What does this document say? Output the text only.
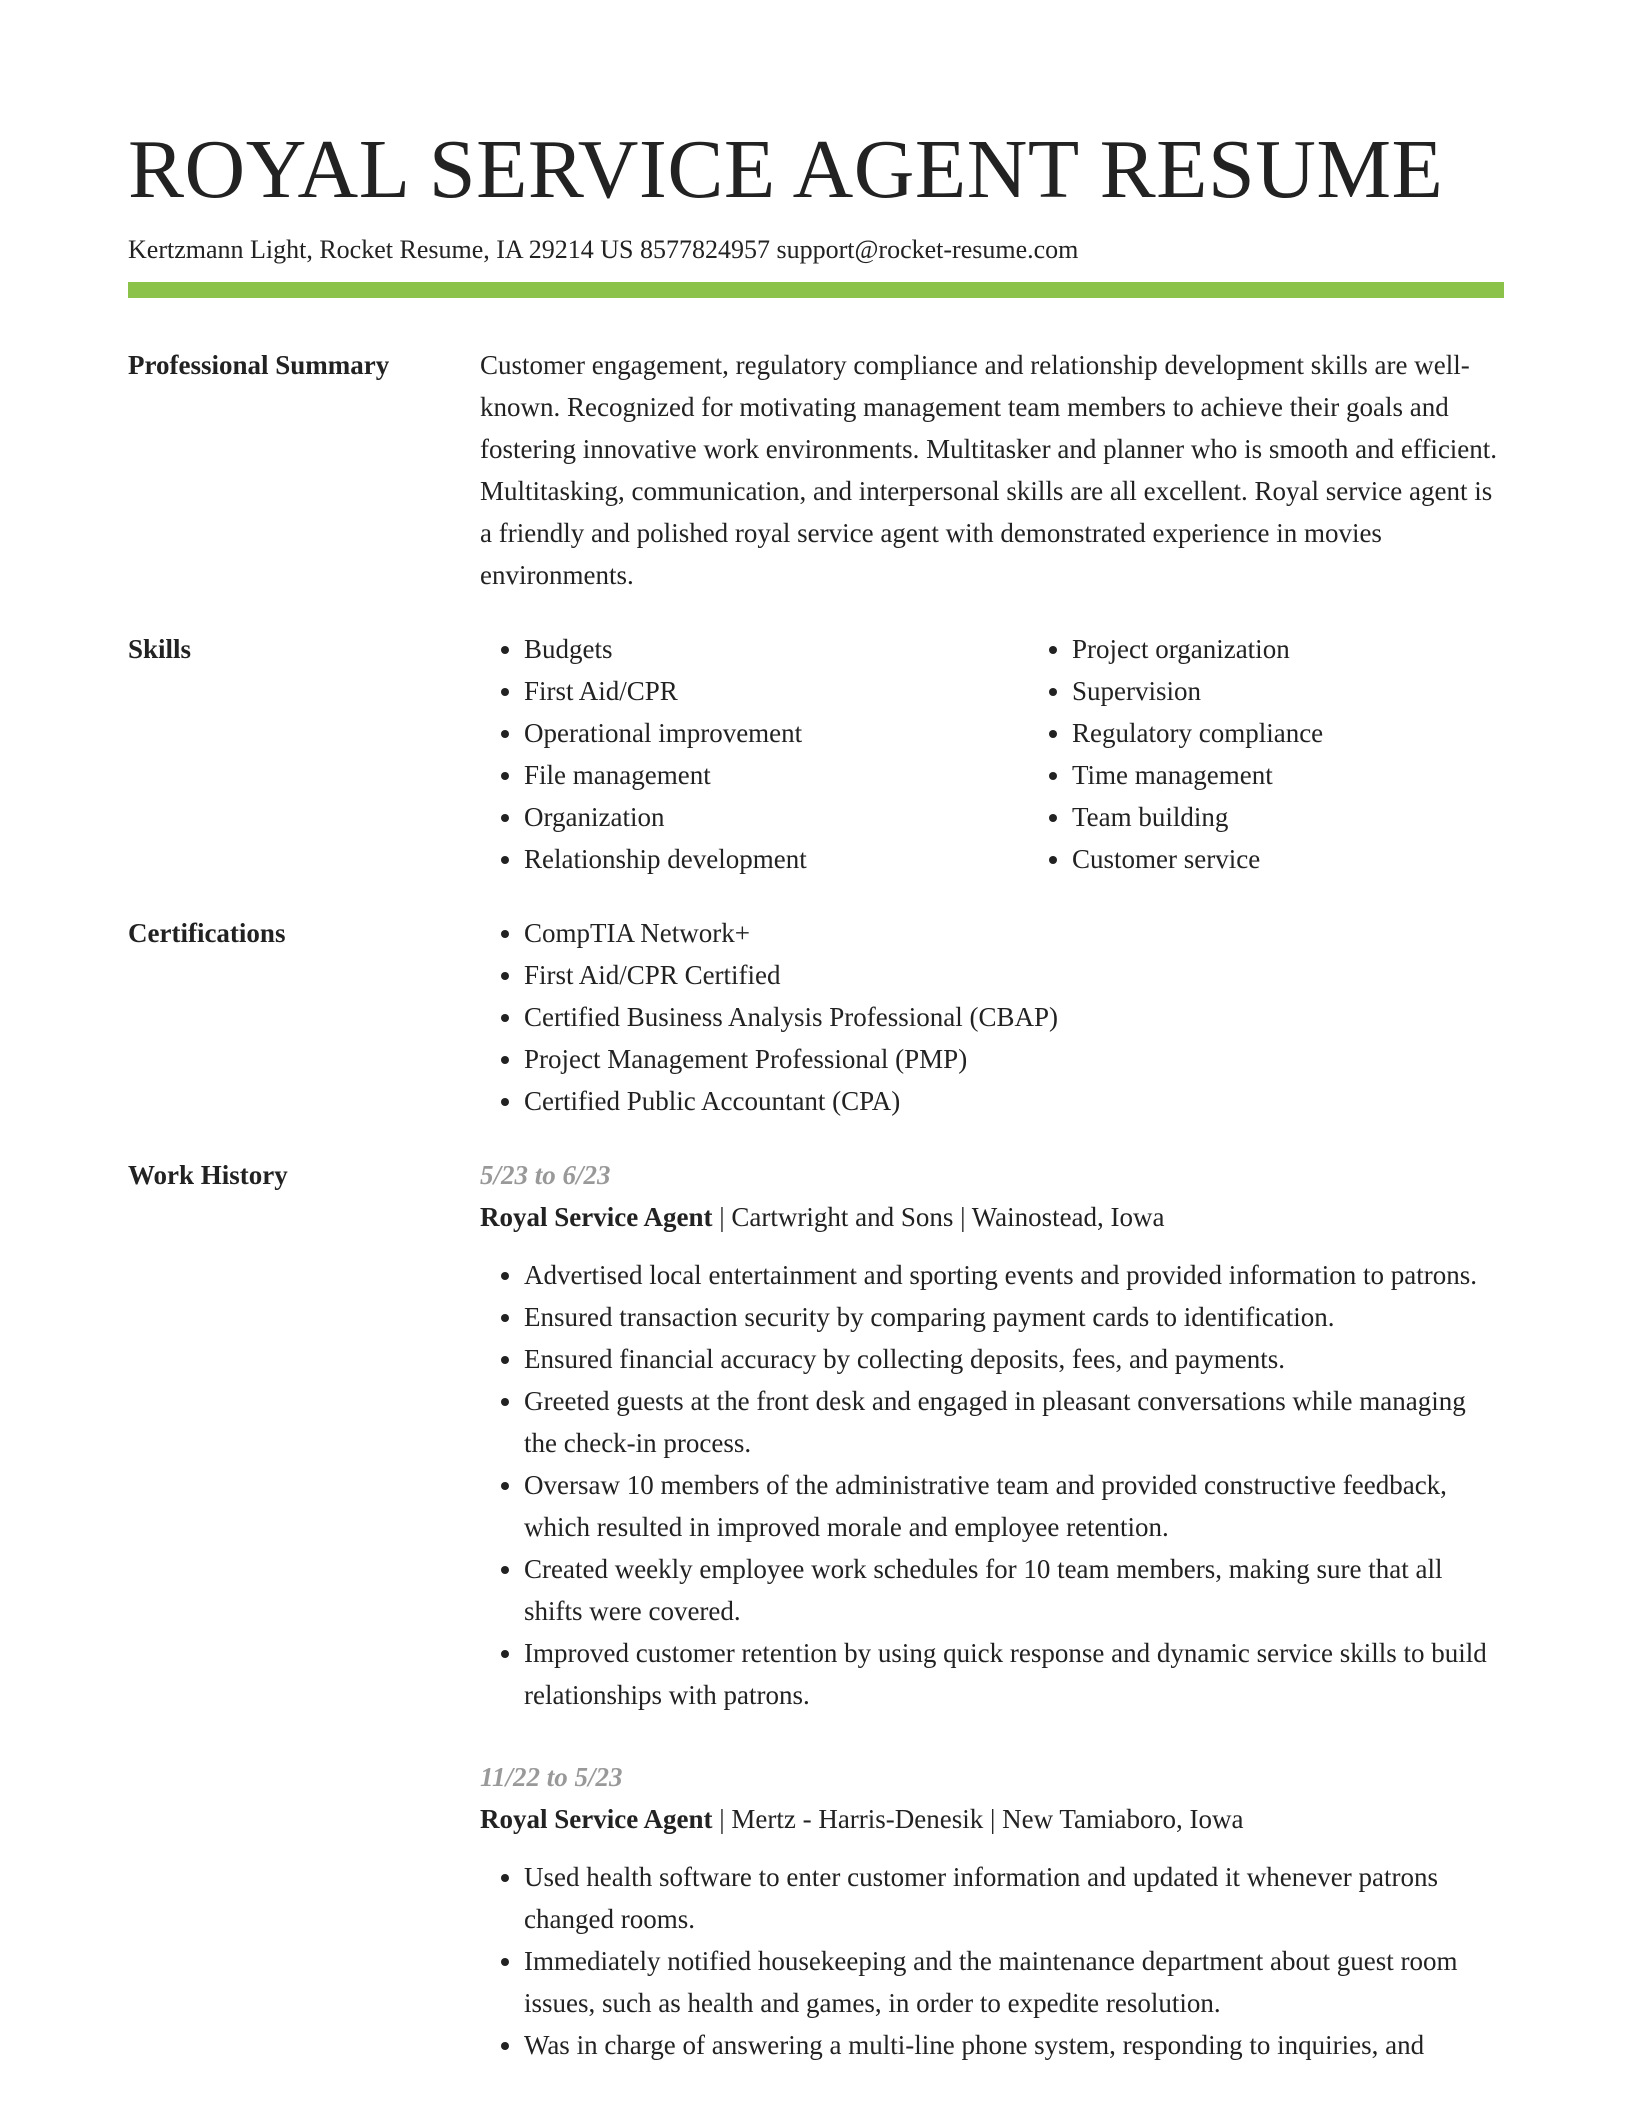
ROYAL SERVICE AGENT RESUME
Kertzmann Light, Rocket Resume, IA 29214 US 8577824957 support@rocket-resume.com
Professional Summary	Customer engagement, regulatory compliance and relationship development skills are well-known. Recognized for motivating management team members to achieve their goals and fostering innovative work environments. Multitasker and planner who is smooth and efficient. Multitasking, communication, and interpersonal skills are all excellent. Royal service agent is a friendly and polished royal service agent with demonstrated experience in movies environments.
Skills	• Budgets
• First Aid/CPR
• Operational improvement
• File management
• Organization
• Relationship development
• Project organization
• Supervision
• Regulatory compliance
• Time management
• Team building
• Customer service
Certifications	• CompTIA Network+
• First Aid/CPR Certified
• Certified Business Analysis Professional (CBAP)
• Project Management Professional (PMP)
• Certified Public Accountant (CPA)
Work History	5/23 to 6/23
Royal Service Agent | Cartwright and Sons | Wainostead, Iowa
• Advertised local entertainment and sporting events and provided information to patrons.
• Ensured transaction security by comparing payment cards to identification.
• Ensured financial accuracy by collecting deposits, fees, and payments.
• Greeted guests at the front desk and engaged in pleasant conversations while managing the check-in process.
• Oversaw 10 members of the administrative team and provided constructive feedback, which resulted in improved morale and employee retention.
• Created weekly employee work schedules for 10 team members, making sure that all shifts were covered.
• Improved customer retention by using quick response and dynamic service skills to build relationships with patrons.
11/22 to 5/23
Royal Service Agent | Mertz - Harris-Denesik | New Tamiaboro, Iowa
• Used health software to enter customer information and updated it whenever patrons changed rooms.
• Immediately notified housekeeping and the maintenance department about guest room issues, such as health and games, in order to expedite resolution.
• Was in charge of answering a multi-line phone system, responding to inquiries, and
